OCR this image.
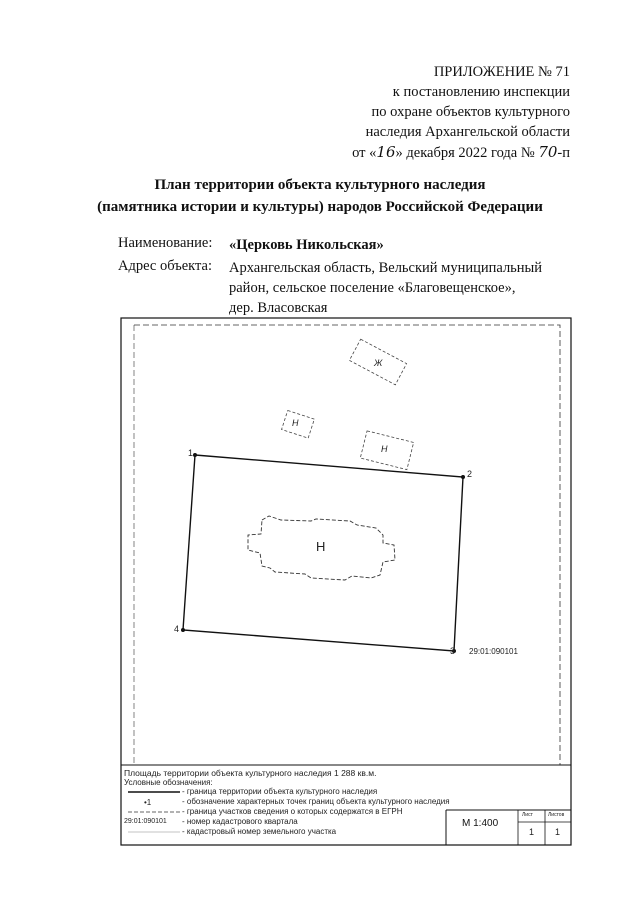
ПРИЛОЖЕНИЕ № 71
к постановлению инспекции
по охране объектов культурного
наследия Архангельской области
от «16» декабря 2022 года № 70-п
План территории объекта культурного наследия
(памятника истории и культуры) народов Российской Федерации
Наименование: «Церковь Никольская»
Адрес объекта: Архангельская область, Вельский муниципальный
район, сельское поселение «Благовещенское»,
дер. Власовская
1
2
3
4
Н
Н
Н
Ж
29:01:090101
Площадь территории объекта культурного наследия 1 288 кв.м.
Условные обозначения:
- граница территории объекта культурного наследия
•1	- обозначение характерных точек границ объекта культурного наследия
- граница участков сведения о которых содержатся в ЕГРН
29:01:090101	- номер кадастрового квартала
- кадастровый номер земельного участка
М 1:400
Лист	Листов
1 1
